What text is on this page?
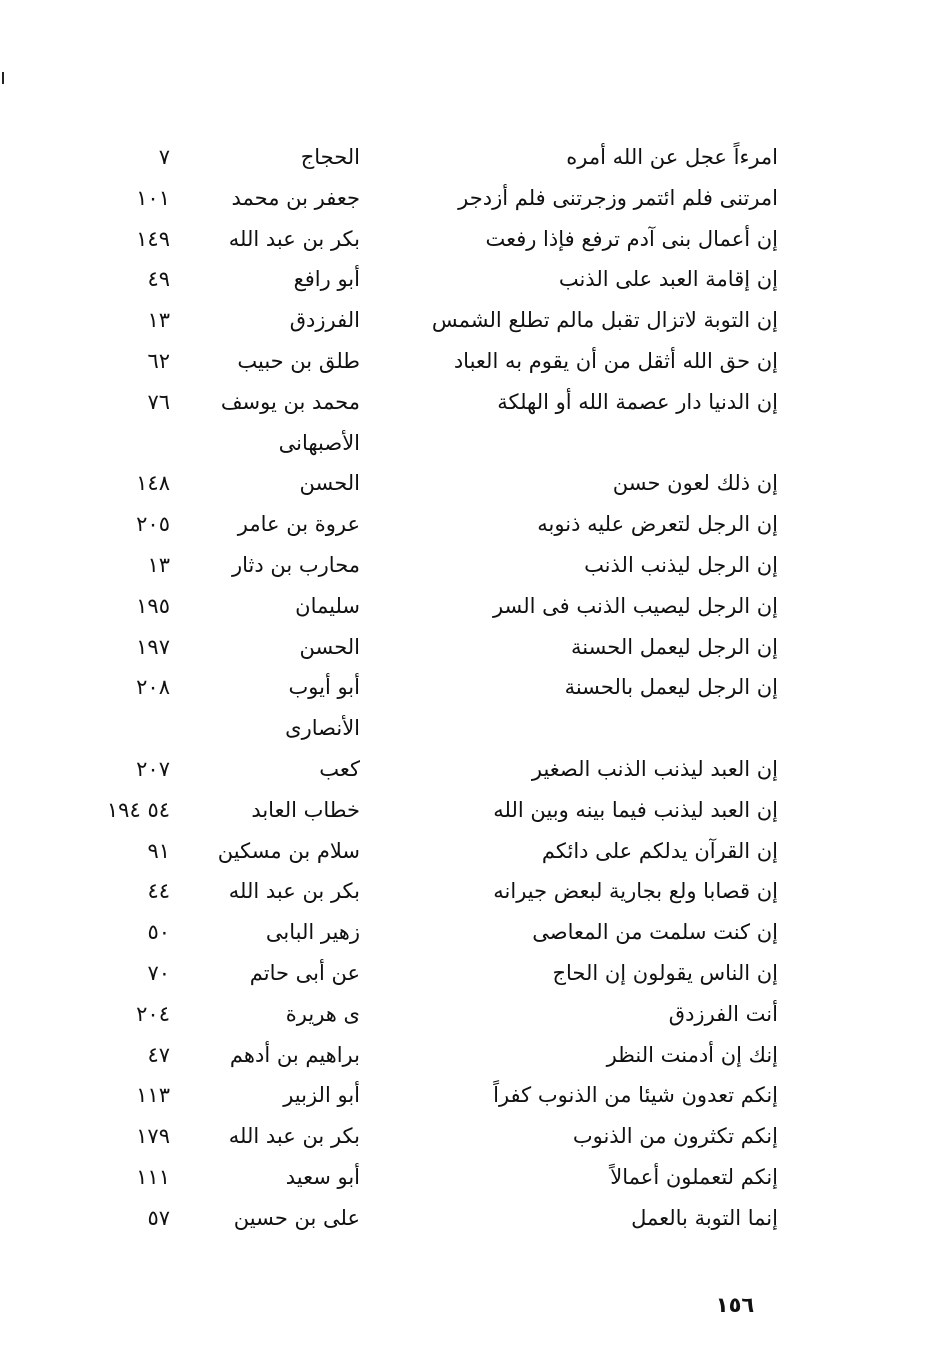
امرءاً عجل عن الله أمره
الحجاج
٧
امرتنى فلم ائتمر وزجرتنى فلم أزدجر
جعفر بن محمد
١٠١
إن أعمال بنى آدم ترفع فإذا رفعت
بكر بن عبد الله
١٤٩
إن إقامة العبد على الذنب
أبو رافع
٤٩
إن التوبة لاتزال تقبل مالم تطلع الشمس
الفرزدق
١٣
إن حق الله أثقل من أن يقوم به العباد
طلق بن حبيب
٦٢
إن الدنيا دار عصمة الله أو الهلكة
محمد بن يوسف
٧٦
الأصبهانى
إن ذلك لعون حسن
الحسن
١٤٨
إن الرجل لتعرض عليه ذنوبه
عروة بن عامر
٢٠٥
إن الرجل ليذنب الذنب
محارب بن دثار
١٣
إن الرجل ليصيب الذنب فى السر
سليمان
١٩٥
إن الرجل ليعمل الحسنة
الحسن
١٩٧
إن الرجل ليعمل بالحسنة
أبو أيوب
٢٠٨
الأنصارى
إن العبد ليذنب الذنب الصغير
كعب
٢٠٧
إن العبد ليذنب فيما بينه وبين الله
خطاب العابد
٥٤ ١٩٤
إن القرآن يدلكم على دائكم
سلام بن مسكين
٩١
إن قصابا ولع بجارية لبعض جيرانه
بكر بن عبد الله
٤٤
إن كنت سلمت من المعاصى
زهير البابى
٥٠
إن الناس يقولون إن الحاج
عن أبى حاتم
٧٠
أنت الفرزدق
ى هريرة
٢٠٤
إنك إن أدمنت النظر
براهيم بن أدهم
٤٧
إنكم تعدون شيئا من الذنوب كفراً
أبو الزبير
١١٣
إنكم تكثرون من الذنوب
بكر بن عبد الله
١٧٩
إنكم لتعملون أعمالاً
أبو سعيد
١١١
إنما التوبة بالعمل
على بن حسين
٥٧
١٥٦
